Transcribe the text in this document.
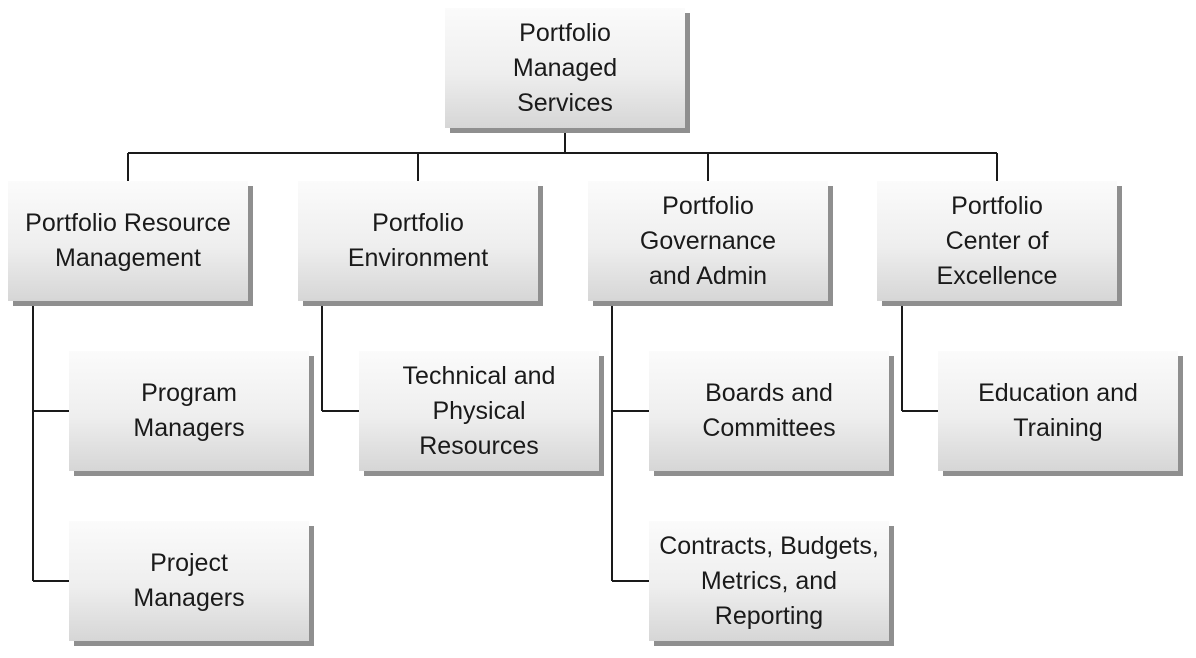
Portfolio Managed Services
Portfolio Resource Management
Portfolio Environment
Portfolio Governance and Admin
Portfolio Center of Excellence
Program Managers
Project Managers
Technical and Physical Resources
Boards and Committees
Contracts, Budgets, Metrics, and Reporting
Education and Training
